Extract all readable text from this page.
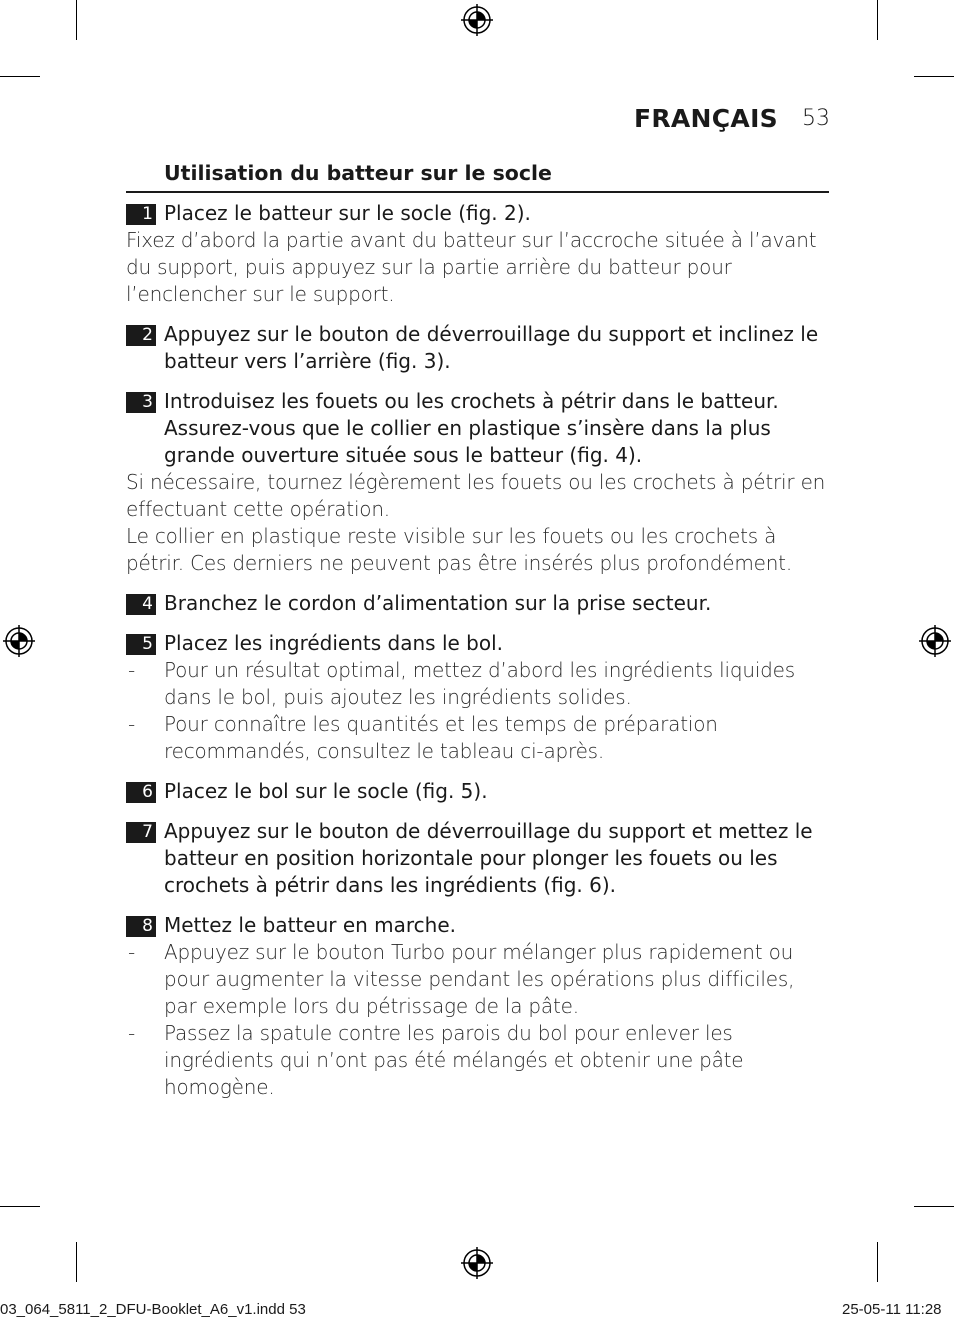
FRANÇAIS	53
Utilisation du batteur sur le socle
1 Placez le batteur sur le socle (fig. 2).

Fixez d’abord la partie avant du batteur sur l’accroche située à l’avant du support, puis appuyez sur la partie arrière du batteur pour l’enclencher sur le support.

2 Appuyez sur le bouton de déverrouillage du support et inclinez le batteur vers l’arrière (fig. 3).
3 Introduisez les fouets ou les crochets à pétrir dans le batteur. Assurez-vous que le collier en plastique s’insère dans la plus grande ouverture située sous le batteur (fig. 4).

Si nécessaire, tournez légèrement les fouets ou les crochets à pétrir en effectuant cette opération.

Le collier en plastique reste visible sur les fouets ou les crochets à pétrir. Ces derniers ne peuvent pas être insérés plus profondément.

4 Branchez le cordon d’alimentation sur la prise secteur.
5 Placez les ingrédients dans le bol.
- Pour un résultat optimal, mettez d’abord les ingrédients liquides dans le bol, puis ajoutez les ingrédients solides.
- Pour connaître les quantités et les temps de préparation recommandés, consultez le tableau ci-après.
6 Placez le bol sur le socle (fig. 5).
7 Appuyez sur le bouton de déverrouillage du support et mettez le batteur en position horizontale pour plonger les fouets ou les crochets à pétrir dans les ingrédients (fig. 6).
8 Mettez le batteur en marche.
- Appuyez sur le bouton Turbo pour mélanger plus rapidement ou pour augmenter la vitesse pendant les opérations plus difficiles, par exemple lors du pétrissage de la pâte.
- Passez la spatule contre les parois du bol pour enlever les ingrédients qui n’ont pas été mélangés et obtenir une pâte homogène.
03_064_5811_2_DFU-Booklet_A6_v1.indd 53	25-05-11 11:28
